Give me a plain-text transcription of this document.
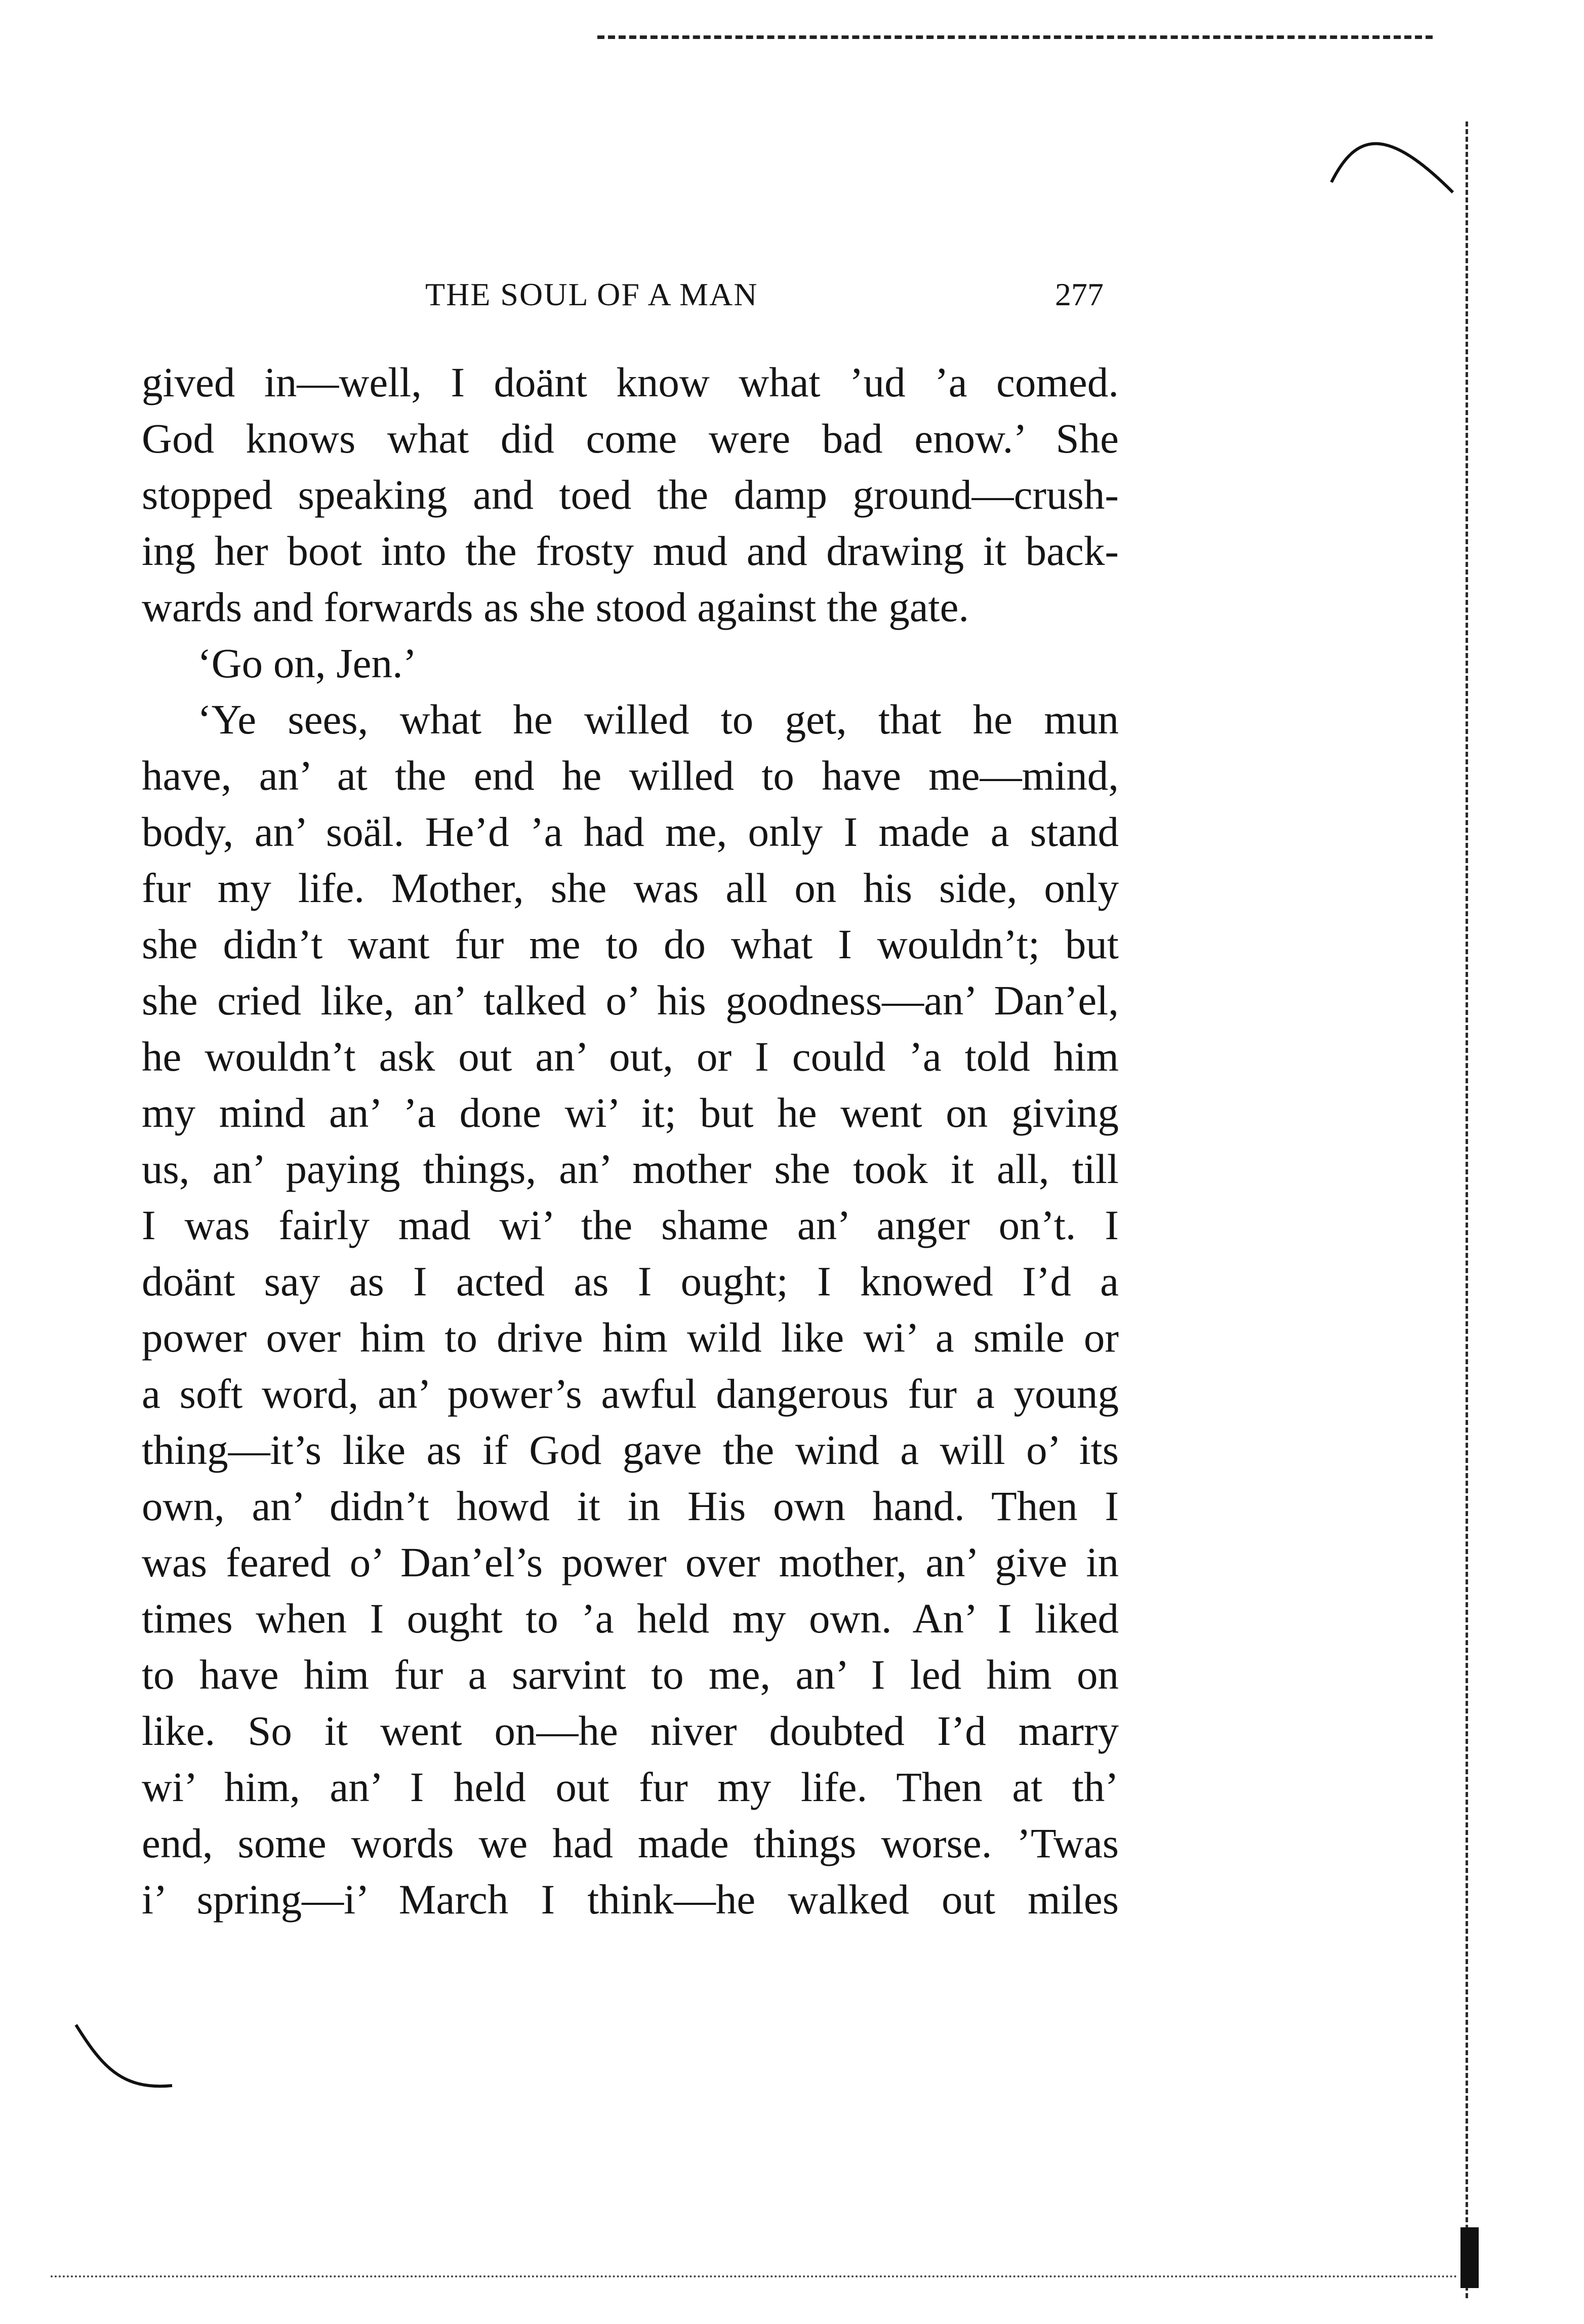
THE SOUL OF A MAN	277
gived in—well, I doänt know what ’ud ’a comed.
God knows what did come were bad enow.’ She
stopped speaking and toed the damp ground—crush-
ing her boot into the frosty mud and drawing it back-
wards and forwards as she stood against the gate.
‘Go on, Jen.’
‘Ye sees, what he willed to get, that he mun
have, an’ at the end he willed to have me—mind,
body, an’ soäl. He’d ’a had me, only I made a stand
fur my life. Mother, she was all on his side, only
she didn’t want fur me to do what I wouldn’t; but
she cried like, an’ talked o’ his goodness—an’ Dan’el,
he wouldn’t ask out an’ out, or I could ’a told him
my mind an’ ’a done wi’ it; but he went on giving
us, an’ paying things, an’ mother she took it all, till
I was fairly mad wi’ the shame an’ anger on’t. I
doänt say as I acted as I ought; I knowed I’d a
power over him to drive him wild like wi’ a smile or
a soft word, an’ power’s awful dangerous fur a young
thing—it’s like as if God gave the wind a will o’ its
own, an’ didn’t howd it in His own hand. Then I
was feared o’ Dan’el’s power over mother, an’ give in
times when I ought to ’a held my own. An’ I liked
to have him fur a sarvint to me, an’ I led him on
like. So it went on—he niver doubted I’d marry
wi’ him, an’ I held out fur my life. Then at th’
end, some words we had made things worse. ’Twas
i’ spring—i’ March I think—he walked out miles
